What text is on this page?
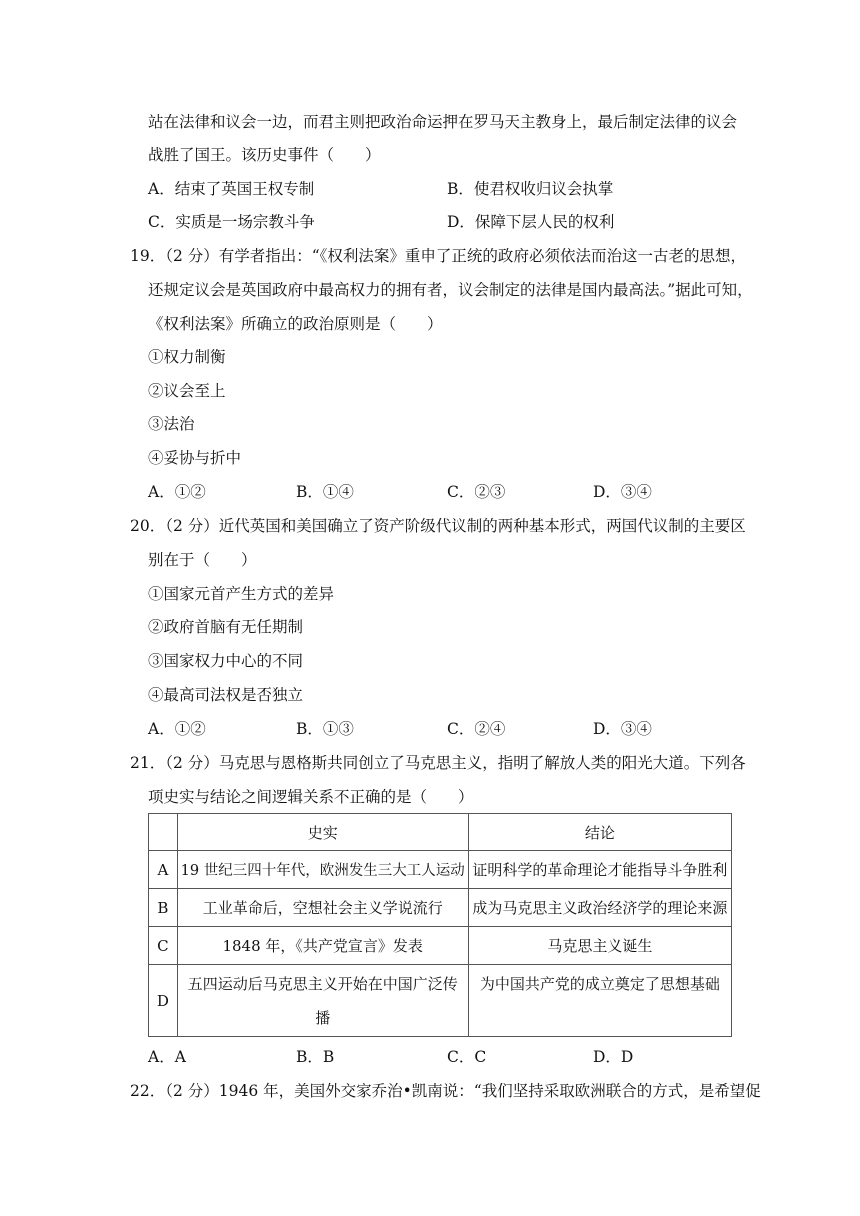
站在法律和议会一边，而君主则把政治命运押在罗马天主教身上，最后制定法律的议会
战胜了国王。该历史事件（　　）
A．结束了英国王权专制	B．使君权收归议会执掌
C．实质是一场宗教斗争	D．保障下层人民的权利
19．（2 分）有学者指出：“《权利法案》重申了正统的政府必须依法而治这一古老的思想，
还规定议会是英国政府中最高权力的拥有者，议会制定的法律是国内最高法。”据此可知，
《权利法案》所确立的政治原则是（　　）
①权力制衡
②议会至上
③法治
④妥协与折中
A．①②	B．①④	C．②③	D．③④
20．（2 分）近代英国和美国确立了资产阶级代议制的两种基本形式，两国代议制的主要区
别在于（　　）
①国家元首产生方式的差异
②政府首脑有无任期制
③国家权力中心的不同
④最高司法权是否独立
A．①②	B．①③	C．②④	D．③④
21．（2 分）马克思与恩格斯共同创立了马克思主义，指明了解放人类的阳光大道。下列各
项史实与结论之间逻辑关系不正确的是（　　）
	史实	结论
A	19 世纪三四十年代，欧洲发生三大工人运动	证明科学的革命理论才能指导斗争胜利
B	工业革命后，空想社会主义学说流行	成为马克思主义政治经济学的理论来源
C	1848 年，《共产党宣言》发表	马克思主义诞生
D	五四运动后马克思主义开始在中国广泛传
播	为中国共产党的成立奠定了思想基础
A．A	B．B	C．C	D．D
22．（2 分）1946 年，美国外交家乔治•凯南说：“我们坚持采取欧洲联合的方式，是希望促
